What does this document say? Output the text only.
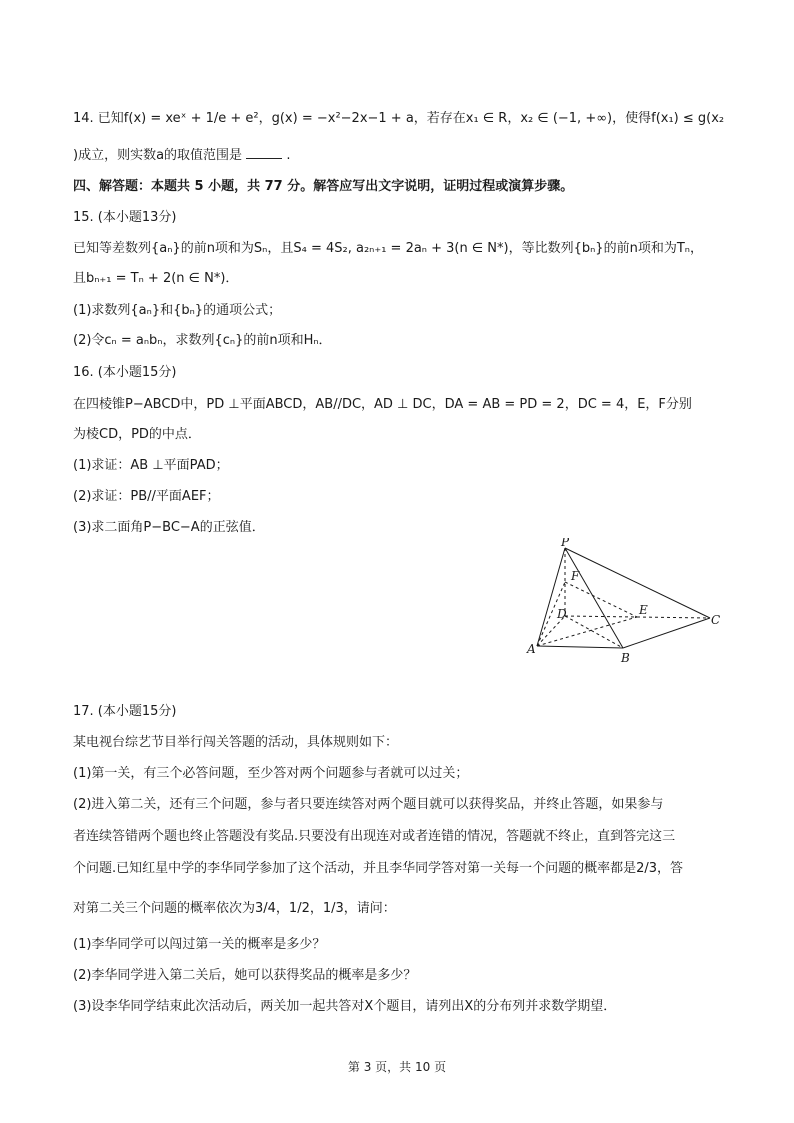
14. 已知f(x) = xeˣ + 1/e + e²，g(x) = −x²−2x−1 + a，若存在x₁ ∈ R，x₂ ∈ (−1, +∞)，使得f(x₁) ≤ g(x₂
)成立，则实数a的取值范围是	.
四、解答题：本题共 5 小题，共 77 分。解答应写出文字说明，证明过程或演算步骤。
15. (本小题13分)
已知等差数列{aₙ}的前n项和为Sₙ，且S₄ = 4S₂, a₂ₙ₊₁ = 2aₙ + 3(n ∈ N*)，等比数列{bₙ}的前n项和为Tₙ，
且bₙ₊₁ = Tₙ + 2(n ∈ N*)．
(1)求数列{aₙ}和{bₙ}的通项公式；
(2)令cₙ = aₙbₙ，求数列{cₙ}的前n项和Hₙ．
16. (本小题15分)
在四棱锥P−ABCD中，PD ⊥平面ABCD，AB//DC，AD ⊥ DC，DA = AB = PD = 2，DC = 4，E，F分别
为棱CD，PD的中点．
(1)求证：AB ⊥平面PAD；
(2)求证：PB//平面AEF；
(3)求二面角P−BC−A的正弦值．
P
F
D	E
C
A
B
17. (本小题15分)
某电视台综艺节目举行闯关答题的活动，具体规则如下：
(1)第一关，有三个必答问题，至少答对两个问题参与者就可以过关；
(2)进入第二关，还有三个问题，参与者只要连续答对两个题目就可以获得奖品，并终止答题，如果参与
者连续答错两个题也终止答题没有奖品.只要没有出现连对或者连错的情况，答题就不终止，直到答完这三
个问题.已知红星中学的李华同学参加了这个活动，并且李华同学答对第一关每一个问题的概率都是2/3，答
对第二关三个问题的概率依次为3/4，1/2，1/3，请问：
(1)李华同学可以闯过第一关的概率是多少？
(2)李华同学进入第二关后，她可以获得奖品的概率是多少？
(3)设李华同学结束此次活动后，两关加一起共答对X个题目，请列出X的分布列并求数学期望．
第 3 页，共 10 页
